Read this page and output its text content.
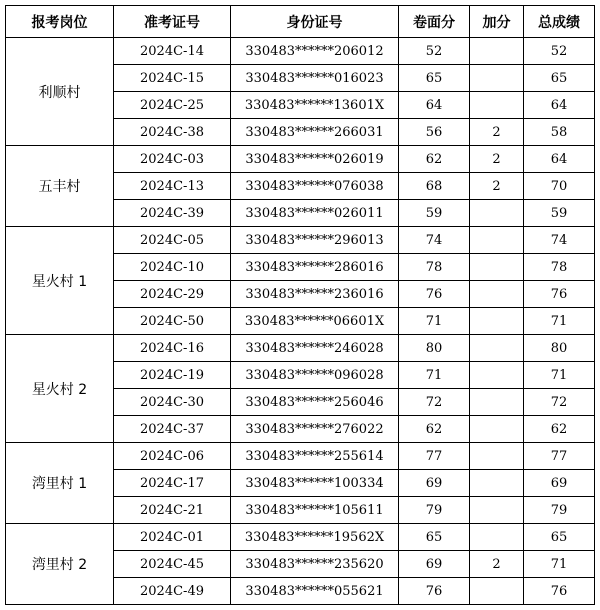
报考岗位	准考证号	身份证号	卷面分	加分	总成绩
利顺村	2024C-14	330483******206012	52		52
	2024C-15	330483******016023	65		65
	2024C-25	330483******13601X	64		64
	2024C-38	330483******266031	56	2	58
五丰村	2024C-03	330483******026019	62	2	64
	2024C-13	330483******076038	68	2	70
	2024C-39	330483******026011	59		59
星火村 1	2024C-05	330483******296013	74		74
	2024C-10	330483******286016	78		78
	2024C-29	330483******236016	76		76
	2024C-50	330483******06601X	71		71
星火村 2	2024C-16	330483******246028	80		80
	2024C-19	330483******096028	71		71
	2024C-30	330483******256046	72		72
	2024C-37	330483******276022	62		62
湾里村 1	2024C-06	330483******255614	77		77
	2024C-17	330483******100334	69		69
	2024C-21	330483******105611	79		79
湾里村 2	2024C-01	330483******19562X	65		65
	2024C-45	330483******235620	69	2	71
	2024C-49	330483******055621	76		76
